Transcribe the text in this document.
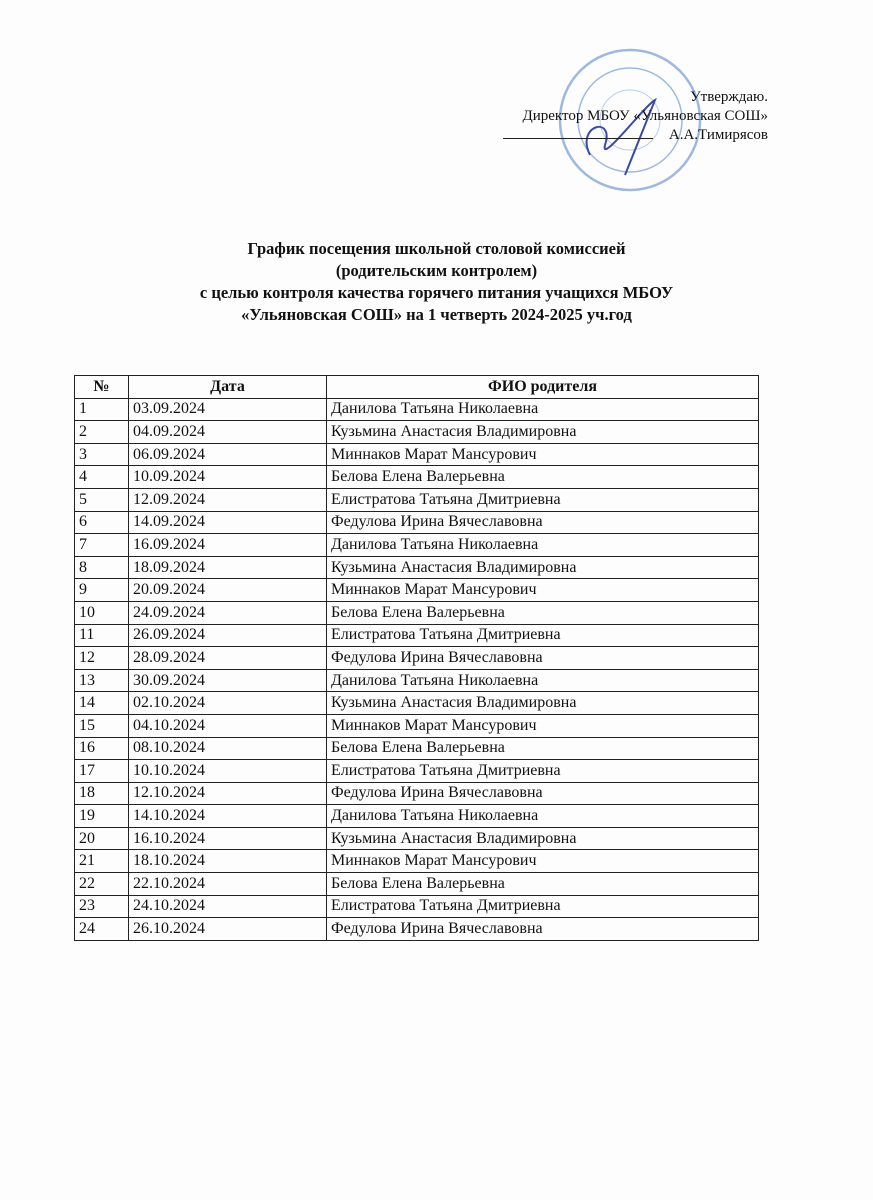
Утверждаю.
Директор МБОУ «Ульяновская СОШ»
А.А.Тимирясов
График посещения школьной столовой комиссией
(родительским контролем)
с целью контроля качества горячего питания учащихся МБОУ
«Ульяновская СОШ» на 1 четверть 2024-2025 уч.год
№	Дата	ФИО родителя
1	03.09.2024	Данилова Татьяна Николаевна
2	04.09.2024	Кузьмина Анастасия Владимировна
3	06.09.2024	Миннаков Марат Мансурович
4	10.09.2024	Белова Елена Валерьевна
5	12.09.2024	Елистратова Татьяна Дмитриевна
6	14.09.2024	Федулова Ирина Вячеславовна
7	16.09.2024	Данилова Татьяна Николаевна
8	18.09.2024	Кузьмина Анастасия Владимировна
9	20.09.2024	Миннаков Марат Мансурович
10	24.09.2024	Белова Елена Валерьевна
11	26.09.2024	Елистратова Татьяна Дмитриевна
12	28.09.2024	Федулова Ирина Вячеславовна
13	30.09.2024	Данилова Татьяна Николаевна
14	02.10.2024	Кузьмина Анастасия Владимировна
15	04.10.2024	Миннаков Марат Мансурович
16	08.10.2024	Белова Елена Валерьевна
17	10.10.2024	Елистратова Татьяна Дмитриевна
18	12.10.2024	Федулова Ирина Вячеславовна
19	14.10.2024	Данилова Татьяна Николаевна
20	16.10.2024	Кузьмина Анастасия Владимировна
21	18.10.2024	Миннаков Марат Мансурович
22	22.10.2024	Белова Елена Валерьевна
23	24.10.2024	Елистратова Татьяна Дмитриевна
24	26.10.2024	Федулова Ирина Вячеславовна
